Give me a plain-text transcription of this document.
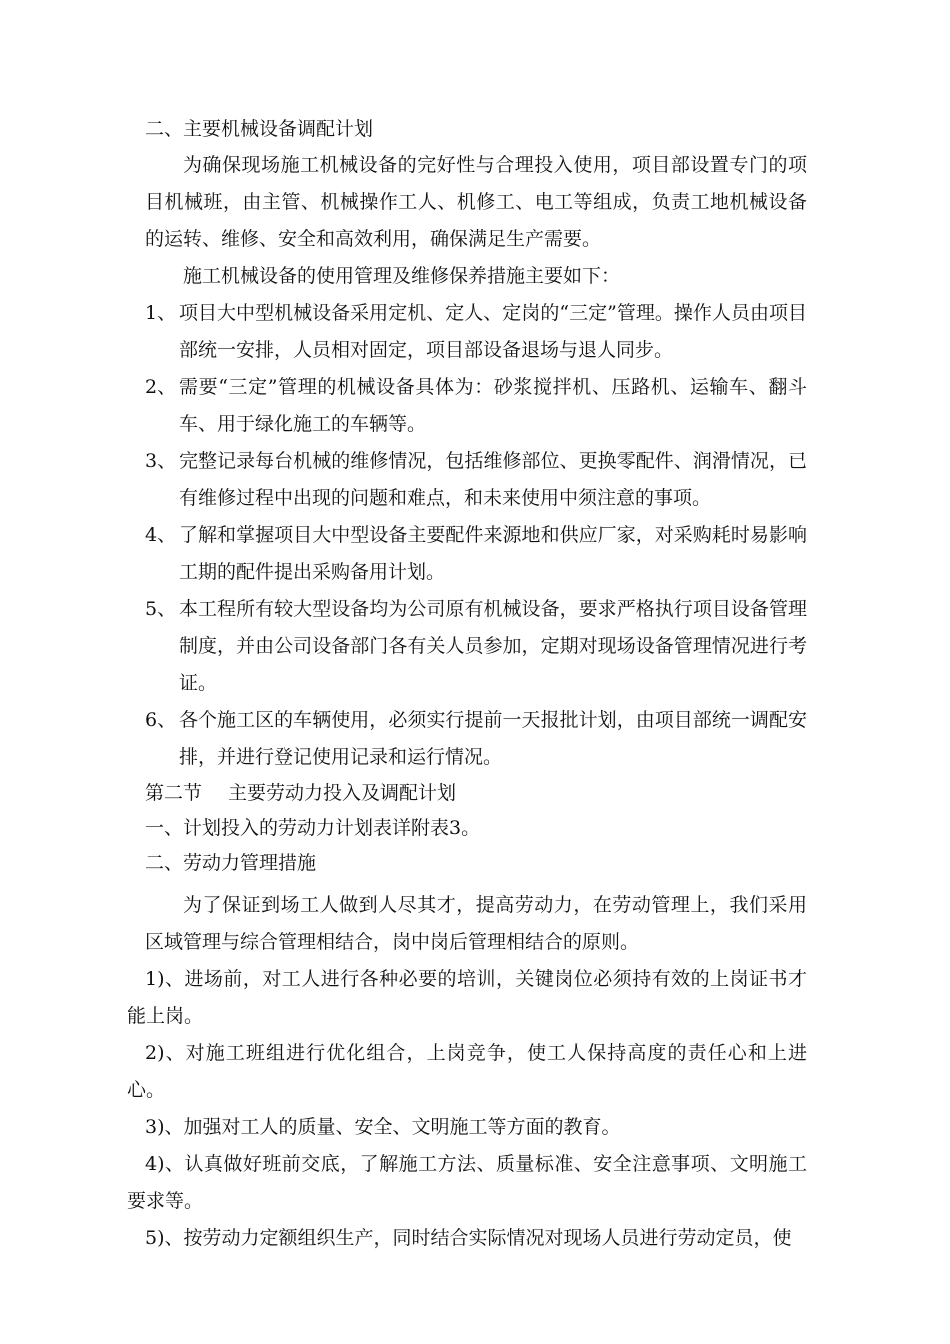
二、主要机械设备调配计划
为确保现场施工机械设备的完好性与合理投入使用，项目部设置专门的项目机械班，由主管、机械操作工人、机修工、电工等组成，负责工地机械设备的运转、维修、安全和高效利用，确保满足生产需要。
施工机械设备的使用管理及维修保养措施主要如下：
1、 项目大中型机械设备采用定机、定人、定岗的“三定”管理。操作人员由项目部统一安排，人员相对固定，项目部设备退场与退人同步。
2、 需要“三定”管理的机械设备具体为：砂浆搅拌机、压路机、运输车、翻斗车、用于绿化施工的车辆等。
3、 完整记录每台机械的维修情况，包括维修部位、更换零配件、润滑情况，已有维修过程中出现的问题和难点，和未来使用中须注意的事项。
4、 了解和掌握项目大中型设备主要配件来源地和供应厂家，对采购耗时易影响工期的配件提出采购备用计划。
5、 本工程所有较大型设备均为公司原有机械设备，要求严格执行项目设备管理制度，并由公司设备部门各有关人员参加，定期对现场设备管理情况进行考证。
6、 各个施工区的车辆使用，必须实行提前一天报批计划，由项目部统一调配安排，并进行登记使用记录和运行情况。
第二节 主要劳动力投入及调配计划
一、计划投入的劳动力计划表详附表3。
二、劳动力管理措施
为了保证到场工人做到人尽其才，提高劳动力，在劳动管理上，我们采用区域管理与综合管理相结合，岗中岗后管理相结合的原则。
1)、进场前，对工人进行各种必要的培训，关键岗位必须持有效的上岗证书才能上岗。
2)、对施工班组进行优化组合，上岗竞争，使工人保持高度的责任心和上进心。
3)、加强对工人的质量、安全、文明施工等方面的教育。
4)、认真做好班前交底，了解施工方法、质量标准、安全注意事项、文明施工要求等。
5)、按劳动力定额组织生产，同时结合实际情况对现场人员进行劳动定员，使
